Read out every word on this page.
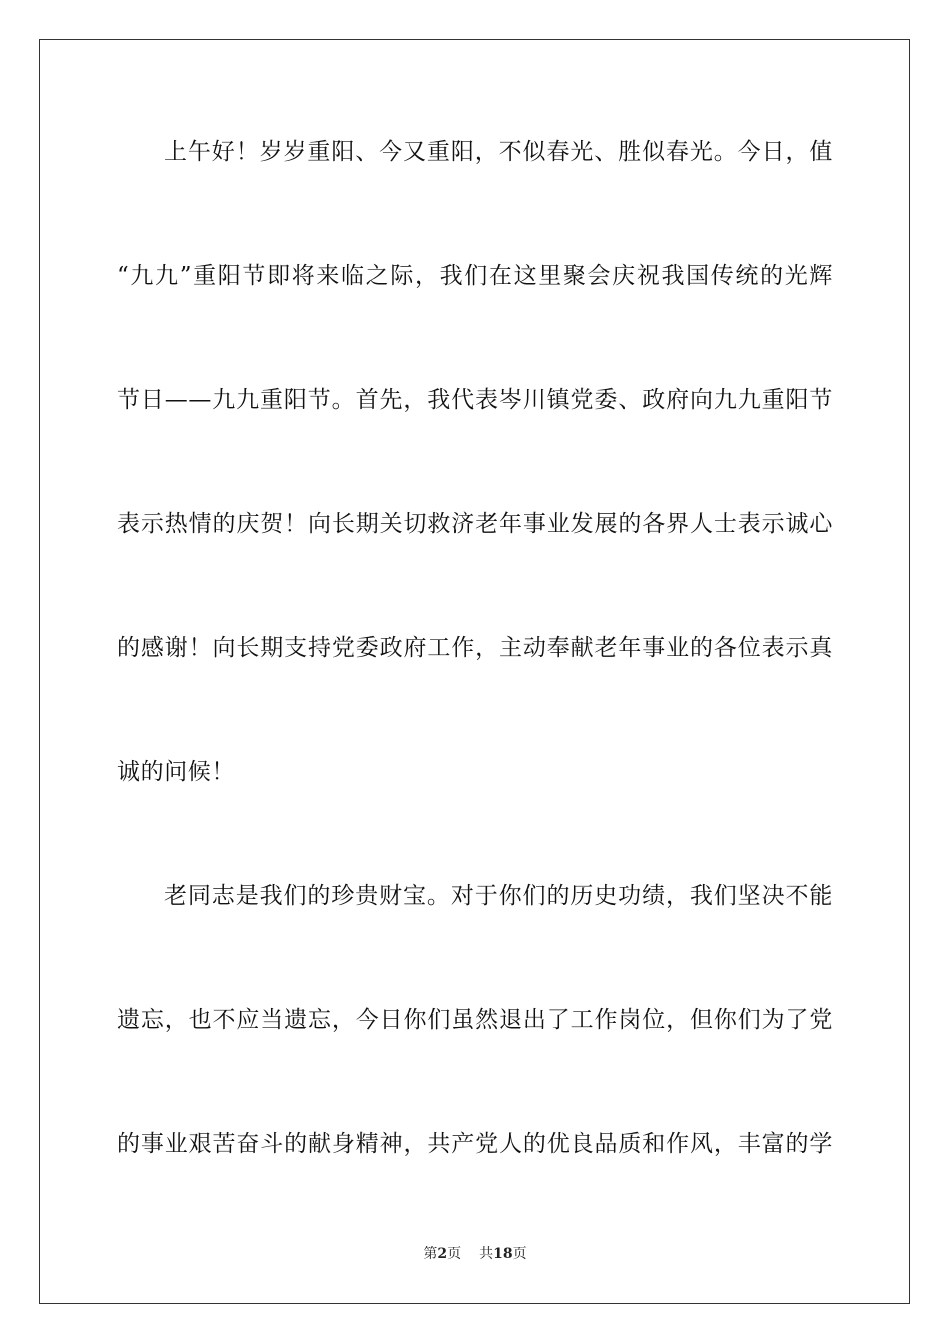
上午好！岁岁重阳、今又重阳，不似春光、胜似春光。今日，值
“九九”重阳节即将来临之际，我们在这里聚会庆祝我国传统的光辉
节日——九九重阳节。首先，我代表岑川镇党委、政府向九九重阳节
表示热情的庆贺！向长期关切救济老年事业发展的各界人士表示诚心
的感谢！向长期支持党委政府工作，主动奉献老年事业的各位表示真
诚的问候！
老同志是我们的珍贵财宝。对于你们的历史功绩，我们坚决不能
遗忘，也不应当遗忘，今日你们虽然退出了工作岗位，但你们为了党
的事业艰苦奋斗的献身精神，共产党人的优良品质和作风，丰富的学
第2页 共18页
